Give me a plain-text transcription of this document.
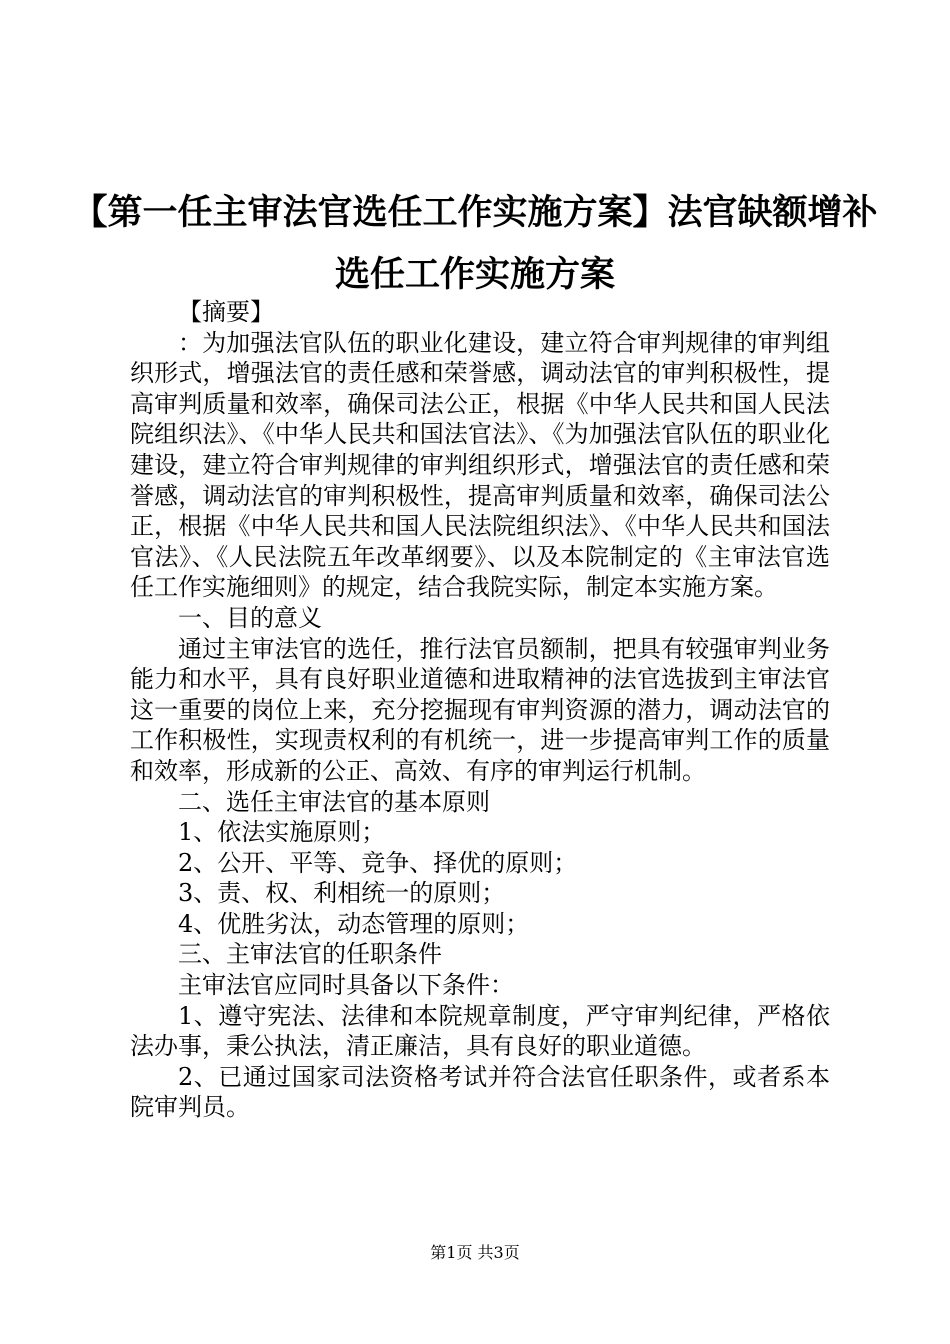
【第一任主审法官选任工作实施方案】法官缺额增补选任工作实施方案

【摘要】

：为加强法官队伍的职业化建设，建立符合审判规律的审判组织形式，增强法官的责任感和荣誉感，调动法官的审判积极性，提高审判质量和效率，确保司法公正，根据《中华人民共和国人民法院组织法》、《中华人民共和国法官法》、《为加强法官队伍的职业化建设，建立符合审判规律的审判组织形式，增强法官的责任感和荣誉感，调动法官的审判积极性，提高审判质量和效率，确保司法公正，根据《中华人民共和国人民法院组织法》、《中华人民共和国法官法》、《人民法院五年改革纲要》、以及本院制定的《主审法官选任工作实施细则》的规定，结合我院实际，制定本实施方案。

一、目的意义

通过主审法官的选任，推行法官员额制，把具有较强审判业务能力和水平，具有良好职业道德和进取精神的法官选拔到主审法官这一重要的岗位上来，充分挖掘现有审判资源的潜力，调动法官的工作积极性，实现责权利的有机统一，进一步提高审判工作的质量和效率，形成新的公正、高效、有序的审判运行机制。

二、选任主审法官的基本原则

1、依法实施原则；

2、公开、平等、竞争、择优的原则；

3、责、权、利相统一的原则；

4、优胜劣汰，动态管理的原则；

三、主审法官的任职条件

主审法官应同时具备以下条件：

1、遵守宪法、法律和本院规章制度，严守审判纪律，严格依法办事，秉公执法，清正廉洁，具有良好的职业道德。

2、已通过国家司法资格考试并符合法官任职条件，或者系本院审判员。

第1页 共3页
